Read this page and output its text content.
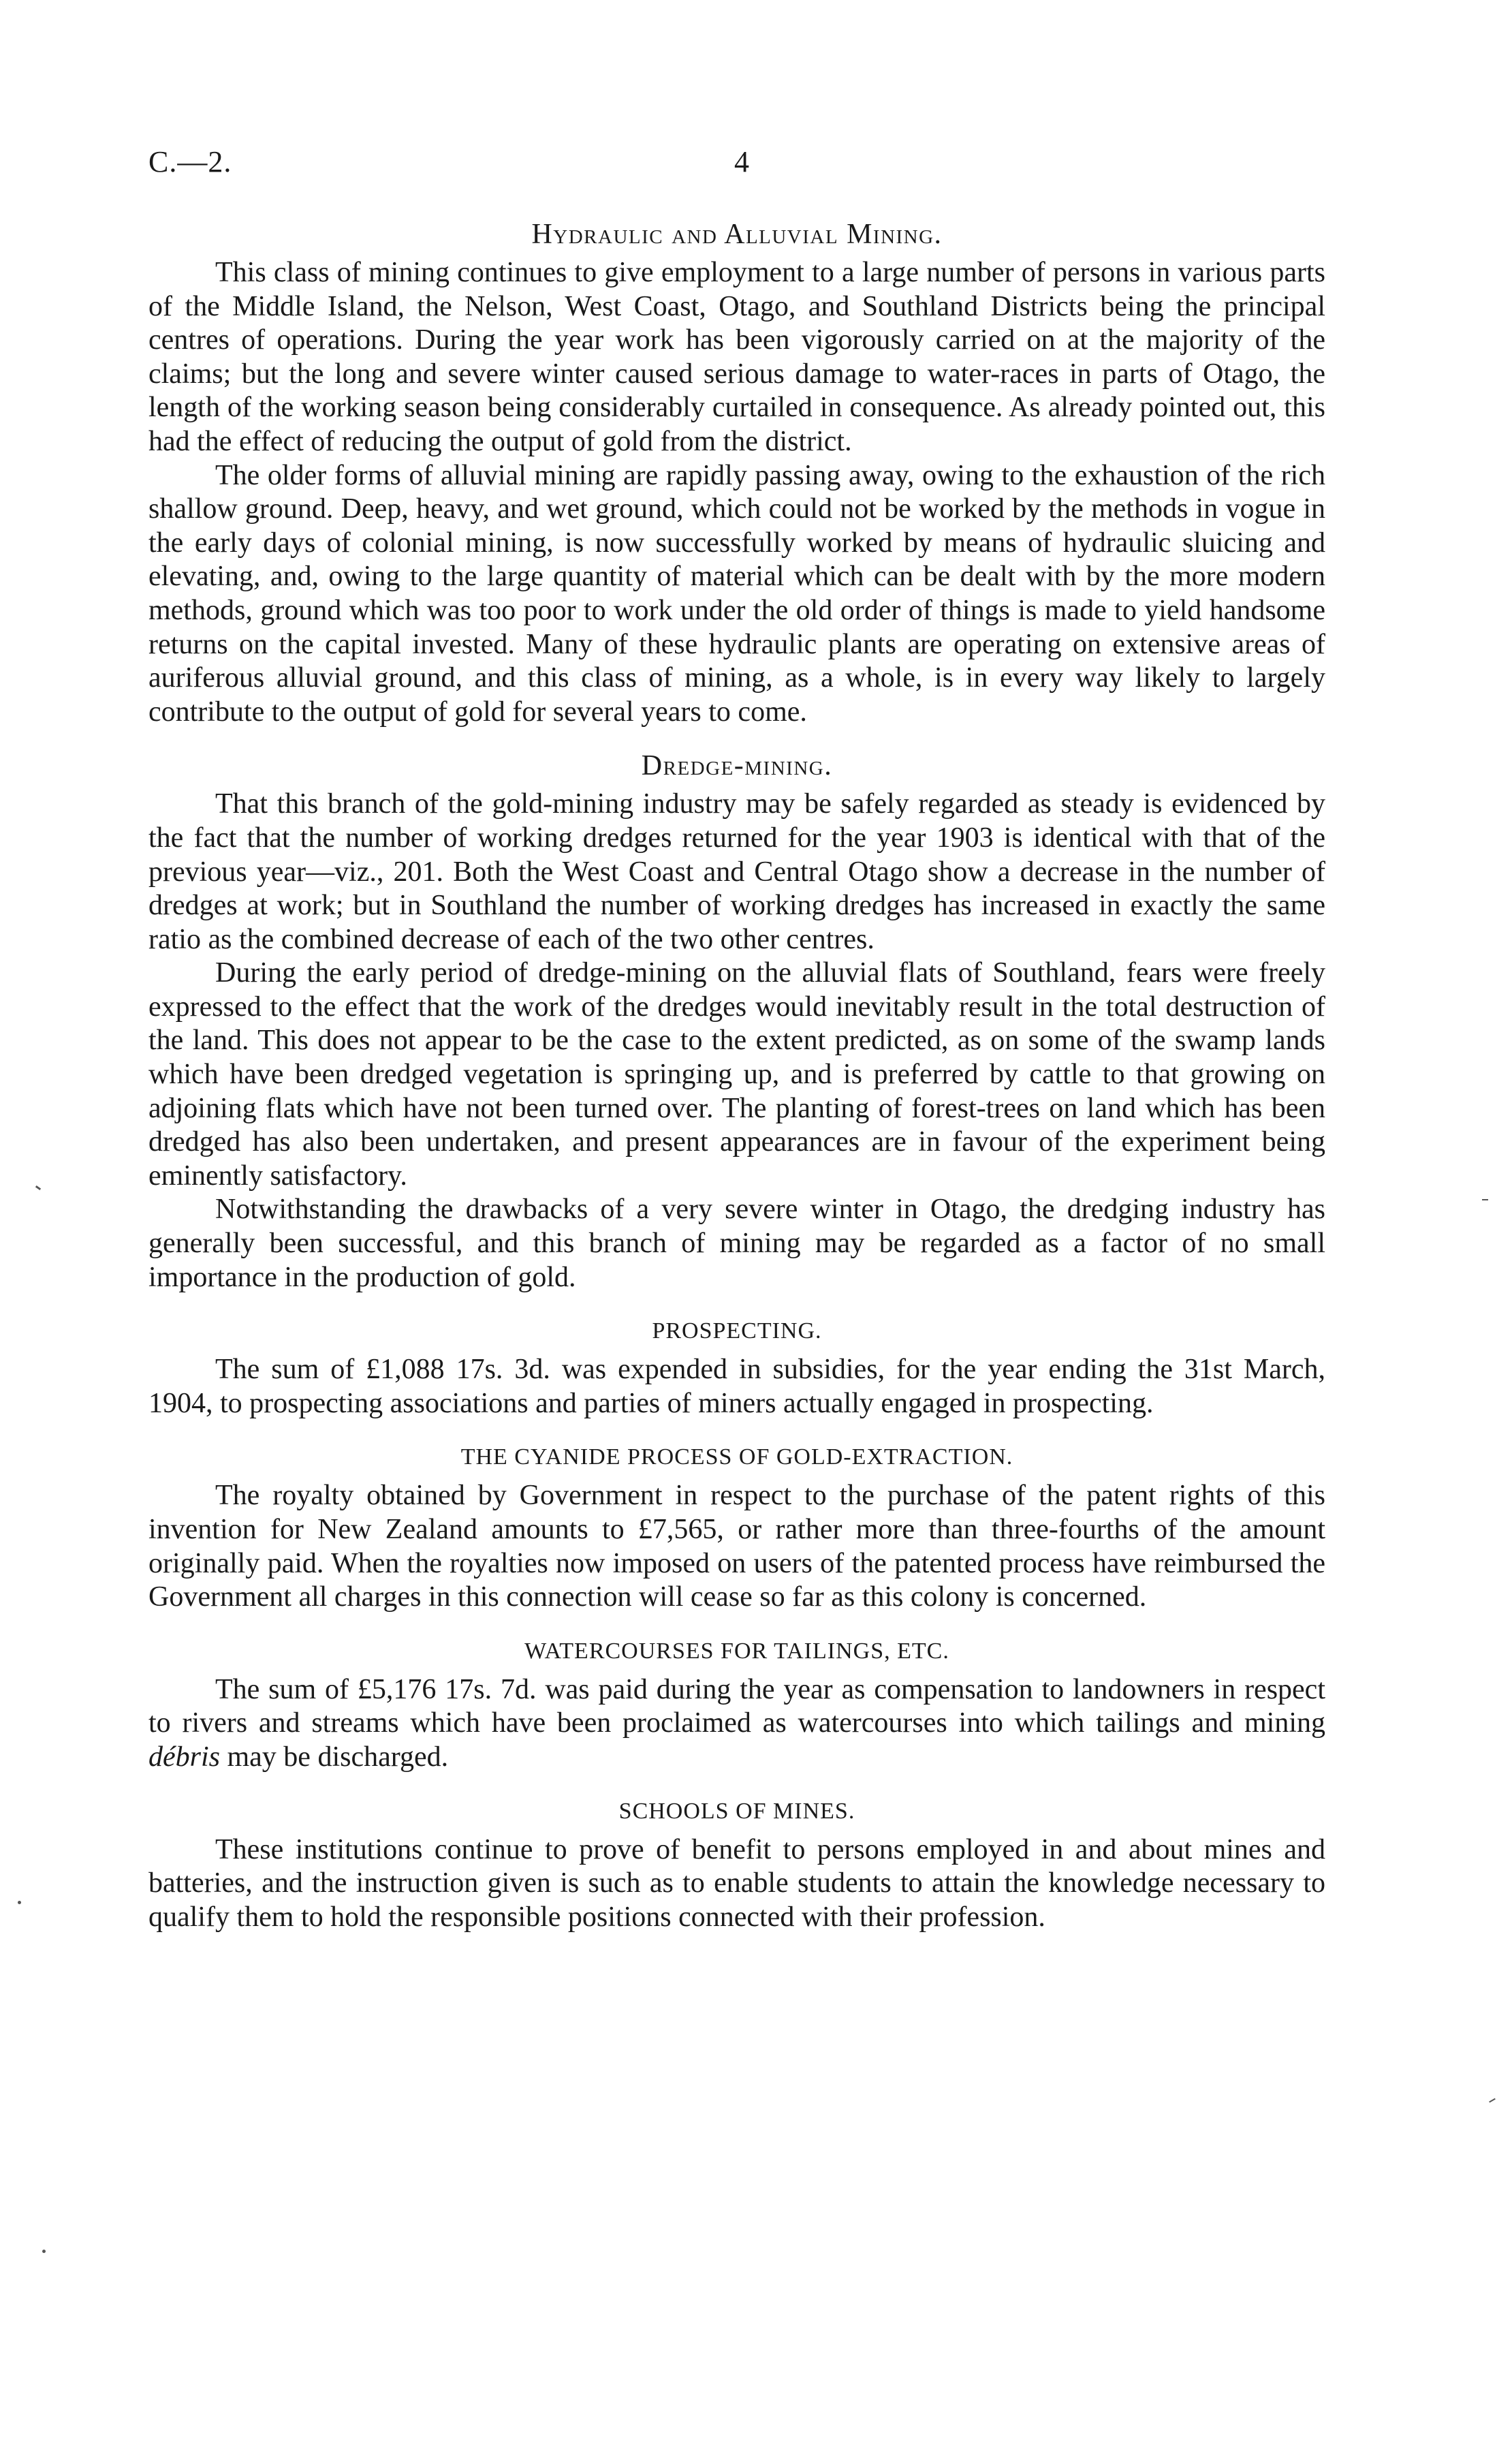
C.—2.	4
Hydraulic and Alluvial Mining.

This class of mining continues to give employment to a large number of persons in various parts of the Middle Island, the Nelson, West Coast, Otago, and Southland Districts being the principal centres of operations. During the year work has been vigorously carried on at the majority of the claims; but the long and severe winter caused serious damage to water-races in parts of Otago, the length of the working season being considerably curtailed in consequence. As already pointed out, this had the effect of reducing the output of gold from the district.

The older forms of alluvial mining are rapidly passing away, owing to the exhaustion of the rich shallow ground. Deep, heavy, and wet ground, which could not be worked by the methods in vogue in the early days of colonial mining, is now successfully worked by means of hydraulic sluicing and elevating, and, owing to the large quantity of material which can be dealt with by the more modern methods, ground which was too poor to work under the old order of things is made to yield handsome returns on the capital invested. Many of these hydraulic plants are operating on extensive areas of auriferous alluvial ground, and this class of mining, as a whole, is in every way likely to largely contribute to the output of gold for several years to come.

Dredge-mining.

That this branch of the gold-mining industry may be safely regarded as steady is evidenced by the fact that the number of working dredges returned for the year 1903 is identical with that of the previous year—viz., 201. Both the West Coast and Central Otago show a decrease in the number of dredges at work; but in Southland the number of working dredges has increased in exactly the same ratio as the combined decrease of each of the two other centres.

During the early period of dredge-mining on the alluvial flats of Southland, fears were freely expressed to the effect that the work of the dredges would inevitably result in the total destruction of the land. This does not appear to be the case to the extent predicted, as on some of the swamp lands which have been dredged vegetation is springing up, and is preferred by cattle to that growing on adjoining flats which have not been turned over. The planting of forest-trees on land which has been dredged has also been undertaken, and present appearances are in favour of the experiment being eminently satisfactory.

Notwithstanding the drawbacks of a very severe winter in Otago, the dredging industry has generally been successful, and this branch of mining may be regarded as a factor of no small importance in the production of gold.

PROSPECTING.

The sum of £1,088 17s. 3d. was expended in subsidies, for the year ending the 31st March, 1904, to prospecting associations and parties of miners actually engaged in prospecting.

THE CYANIDE PROCESS OF GOLD-EXTRACTION.

The royalty obtained by Government in respect to the purchase of the patent rights of this invention for New Zealand amounts to £7,565, or rather more than three-fourths of the amount originally paid. When the royalties now imposed on users of the patented process have reimbursed the Government all charges in this connection will cease so far as this colony is concerned.

WATERCOURSES FOR TAILINGS, ETC.

The sum of £5,176 17s. 7d. was paid during the year as compensation to landowners in respect to rivers and streams which have been proclaimed as watercourses into which tailings and mining débris may be discharged.

SCHOOLS OF MINES.

These institutions continue to prove of benefit to persons employed in and about mines and batteries, and the instruction given is such as to enable students to attain the knowledge necessary to qualify them to hold the responsible positions connected with their profession.
